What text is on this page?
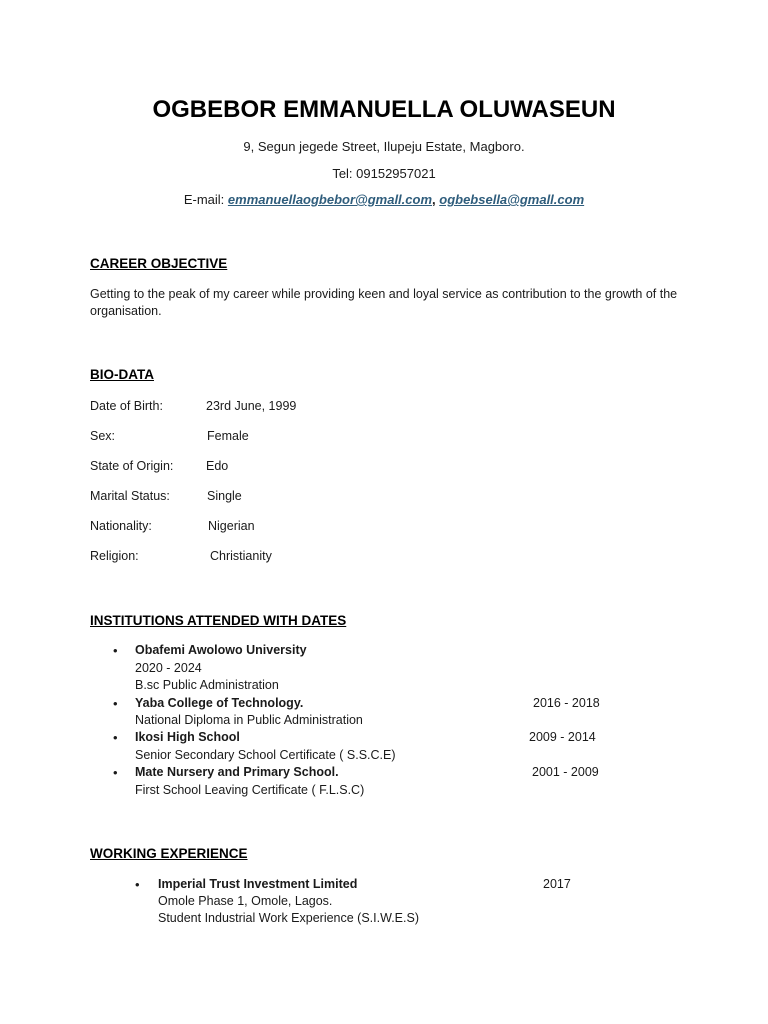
OGBEBOR EMMANUELLA OLUWASEUN
9, Segun jegede Street, Ilupeju Estate, Magboro.
Tel: 09152957021
E-mail: emmanuellaogbebor@gmall.com, ogbebsella@gmall.com
CAREER OBJECTIVE
Getting to the peak of my career while providing keen and loyal service as contribution to the growth of the organisation.
BIO-DATA
Date of Birth:	23rd June, 1999
Sex:	Female
State of Origin:	Edo
Marital Status:	Single
Nationality:	Nigerian
Religion:	Christianity
INSTITUTIONS ATTENDED WITH DATES
• Obafemi Awolowo University
2020 - 2024
B.sc Public Administration
• Yaba College of Technology.	2016 - 2018
National Diploma in Public Administration
• Ikosi High School	2009 - 2014
Senior Secondary School Certificate ( S.S.C.E)
• Mate Nursery and Primary School.	2001 - 2009
First School Leaving Certificate ( F.L.S.C)
WORKING EXPERIENCE
• Imperial Trust Investment Limited	2017
Omole Phase 1, Omole, Lagos.
Student Industrial Work Experience (S.I.W.E.S)
